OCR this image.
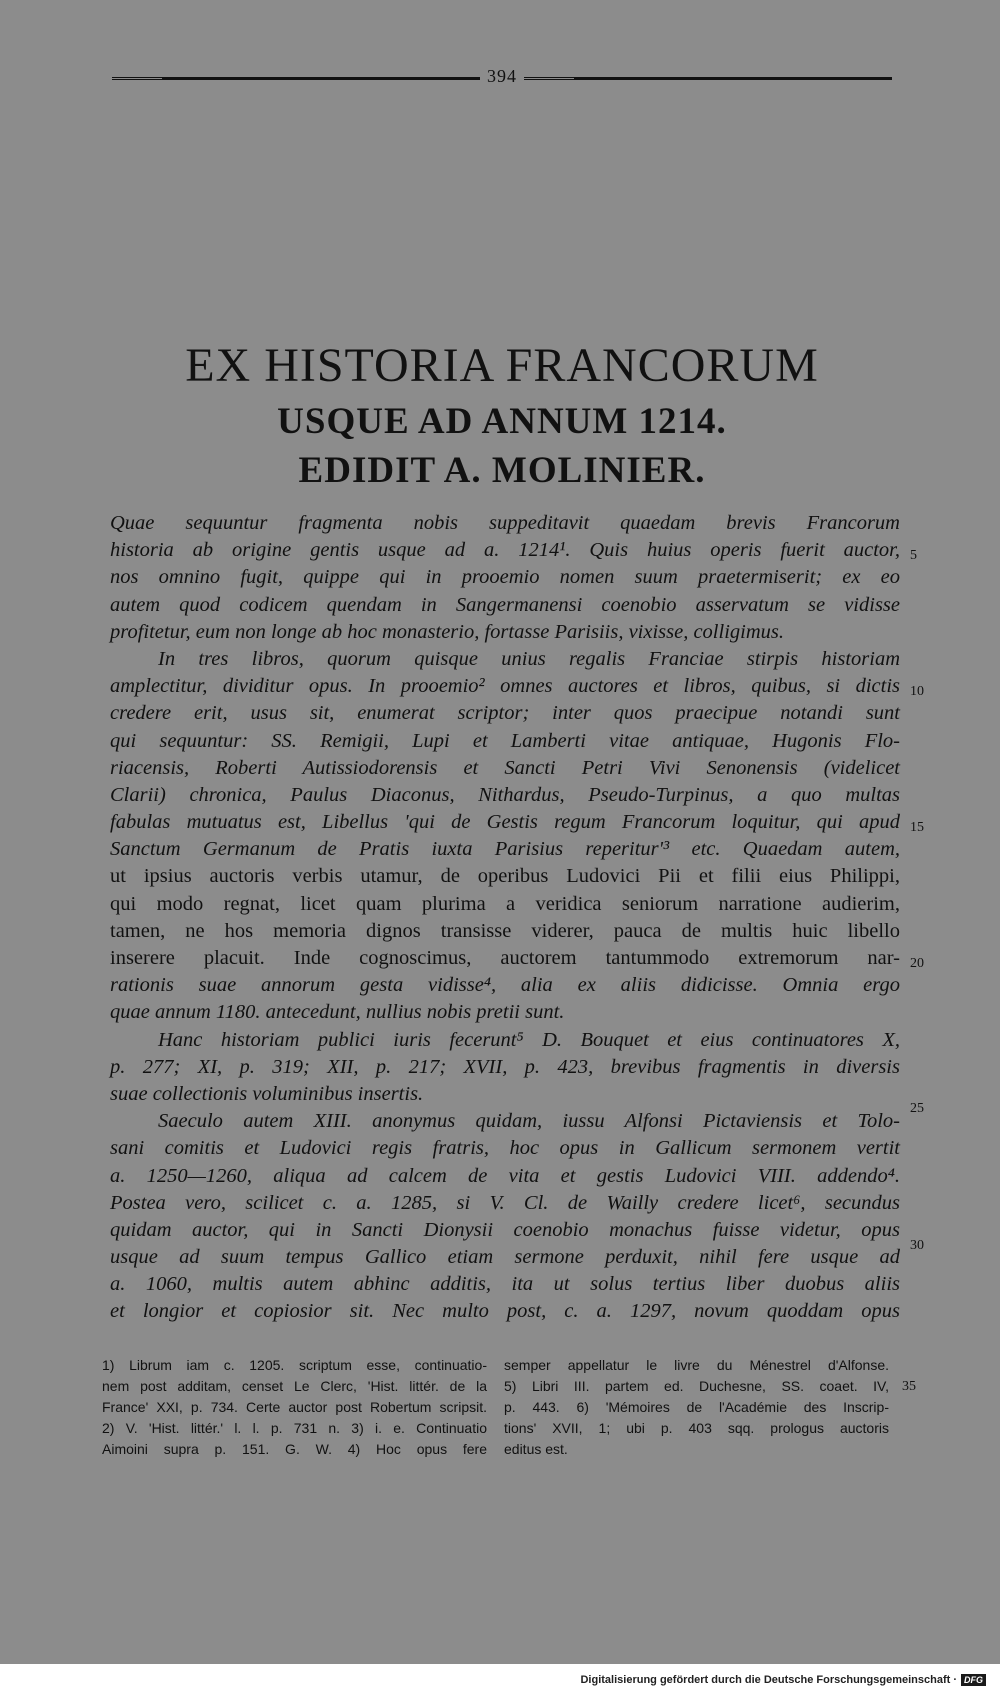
394
EX HISTORIA FRANCORUM
USQUE AD ANNUM 1214.
EDIDIT A. MOLINIER.
Quae sequuntur fragmenta nobis suppeditavit quaedam brevis Francorum
historia ab origine gentis usque ad a. 1214¹. Quis huius operis fuerit auctor,
nos omnino fugit, quippe qui in prooemio nomen suum praetermiserit; ex eo
autem quod codicem quendam in Sangermanensi coenobio asservatum se vidisse
profitetur, eum non longe ab hoc monasterio, fortasse Parisiis, vixisse, colligimus.
In tres libros, quorum quisque unius regalis Franciae stirpis historiam
amplectitur, dividitur opus. In prooemio² omnes auctores et libros, quibus, si dictis
credere erit, usus sit, enumerat scriptor; inter quos praecipue notandi sunt
qui sequuntur: SS. Remigii, Lupi et Lamberti vitae antiquae, Hugonis Flo-
riacensis, Roberti Autissiodorensis et Sancti Petri Vivi Senonensis (videlicet
Clarii) chronica, Paulus Diaconus, Nithardus, Pseudo-Turpinus, a quo multas
fabulas mutuatus est, Libellus 'qui de Gestis regum Francorum loquitur, qui apud
Sanctum Germanum de Pratis iuxta Parisius reperitur'³ etc. Quaedam autem,
ut ipsius auctoris verbis utamur, de operibus Ludovici Pii et filii eius Philippi,
qui modo regnat, licet quam plurima a veridica seniorum narratione audierim,
tamen, ne hos memoria dignos transisse viderer, pauca de multis huic libello
inserere placuit. Inde cognoscimus, auctorem tantummodo extremorum nar-
rationis suae annorum gesta vidisse⁴, alia ex aliis didicisse. Omnia ergo
quae annum 1180. antecedunt, nullius nobis pretii sunt.
Hanc historiam publici iuris fecerunt⁵ D. Bouquet et eius continuatores X,
p. 277; XI, p. 319; XII, p. 217; XVII, p. 423, brevibus fragmentis in diversis
suae collectionis voluminibus insertis.
Saeculo autem XIII. anonymus quidam, iussu Alfonsi Pictaviensis et Tolo-
sani comitis et Ludovici regis fratris, hoc opus in Gallicum sermonem vertit
a. 1250—1260, aliqua ad calcem de vita et gestis Ludovici VIII. addendo⁴.
Postea vero, scilicet c. a. 1285, si V. Cl. de Wailly credere licet⁶, secundus
quidam auctor, qui in Sancti Dionysii coenobio monachus fuisse videtur, opus
usque ad suum tempus Gallico etiam sermone perduxit, nihil fere usque ad
a. 1060, multis autem abhinc additis, ita ut solus tertius liber duobus aliis
et longior et copiosior sit. Nec multo post, c. a. 1297, novum quoddam opus
5
10
15
20
25
30
1) Librum iam c. 1205. scriptum esse, continuatio-
nem post additam, censet Le Clerc, 'Hist. littér. de la
France' XXI, p. 734. Certe auctor post Robertum scripsit.
2) V. 'Hist. littér.' l. l. p. 731 n. 3) i. e. Continuatio
Aimoini supra p. 151. G. W. 4) Hoc opus fere
semper appellatur le livre du Ménestrel d'Alfonse.
5) Libri III. partem ed. Duchesne, SS. coaet. IV,
p. 443. 6) 'Mémoires de l'Académie des Inscrip-
tions' XVII, 1; ubi p. 403 sqq. prologus auctoris
editus est.
35
Digitalisierung gefördert durch die Deutsche Forschungsgemeinschaft · DFG
